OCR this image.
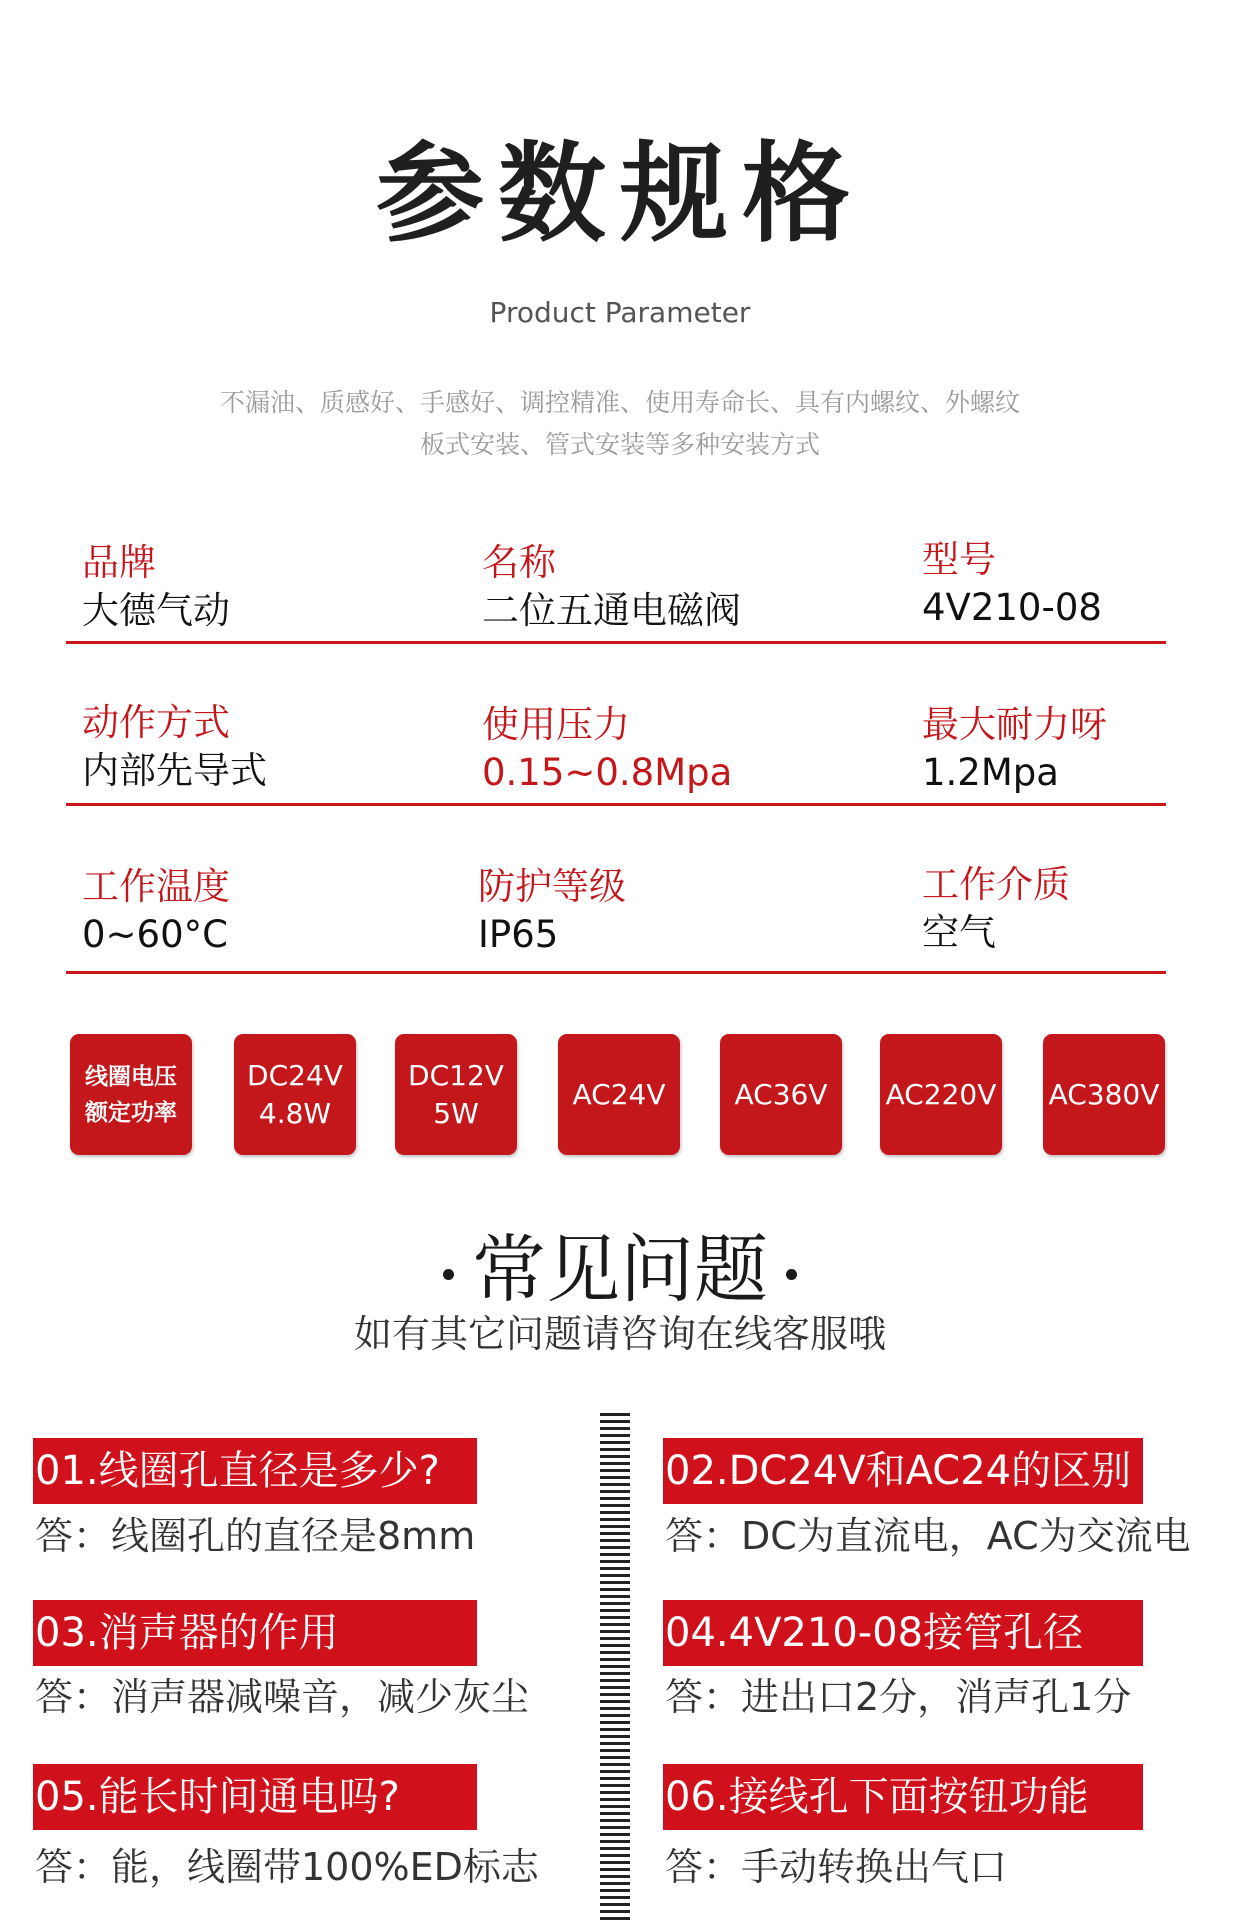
参数规格
Product Parameter
不漏油、质感好、手感好、调控精准、使用寿命长、具有内螺纹、外螺纹
板式安装、管式安装等多种安装方式
品牌
大德气动
名称
二位五通电磁阀
型号
4V210-08
动作方式
内部先导式
使用压力
0.15~0.8Mpa
最大耐力呀
1.2Mpa
工作温度
0~60°C
防护等级
IP65
工作介质
空气
线圈电压
额定功率
DC24V
4.8W
DC12V
5W
AC24V AC36V AC220V AC380V
常见问题
如有其它问题请咨询在线客服哦
01.线圈孔直径是多少?
答：线圈孔的直径是8mm
03.消声器的作用
答：消声器减噪音，减少灰尘
05.能长时间通电吗?
答：能，线圈带100%ED标志
02.DC24V和AC24的区别
答：DC为直流电，AC为交流电
04.4V210-08接管孔径
答：进出口2分，消声孔1分
06.接线孔下面按钮功能
答：手动转换出气口
